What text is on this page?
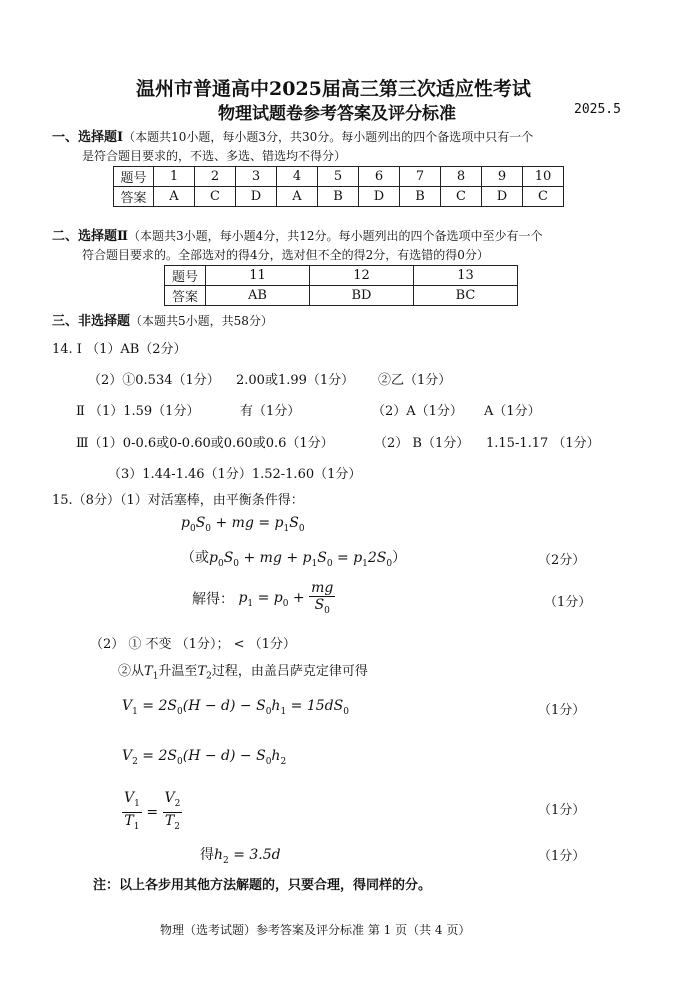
温州市普通高中2025届高三第三次适应性考试
物理试题卷参考答案及评分标准	2025.5
一、选择题Ⅰ（本题共10小题，每小题3分，共30分。每小题列出的四个备选项中只有一个
是符合题目要求的，不选、多选、错选均不得分）
题号	1	2	3	4	5	6	7	8	9	10
答案	A	C	D	A	B	D	B	C	D	C
二、选择题Ⅱ（本题共3小题，每小题4分，共12分。每小题列出的四个备选项中至少有一个
符合题目要求的。全部选对的得4分，选对但不全的得2分，有选错的得0分）
题号	11	12	13
答案	AB	BD	BC
三、非选择题（本题共5小题，共58分）
14. Ⅰ （1）AB（2分）
（2）①0.534（1分） 2.00或1.99（1分） ②乙（1分）
Ⅱ （1）1.59（1分）	有（1分）	（2）A（1分） A（1分）
Ⅲ（1）0-0.6或0-0.60或0.60或0.6（1分）	（2） B（1分） 1.15-1.17 （1分）
（3）1.44-1.46（1分）1.52-1.60（1分）
15.（8分）（1）对活塞棒，由平衡条件得：
$p_0S_0$ + mg = $p_1S_0$
（或$p_0S_0$ + mg + $p_1S_0 = p_12S_0$）	（2分）
解得： $p_1 = p_0 + \frac{mg}{S_0}$	（1分）
（2） ① 不变 （1分）； < （1分）
②从$T_1$升温至$T_2$过程，由盖吕萨克定律可得
$V_1 = 2S_0(H - d) - S_0h_1 = 15dS_0$	（1分）
$V_2 = 2S_0(H - d) - S_0h_2$
$\frac{V_1}{T_1} = \frac{V_2}{T_2}$	（1分）
得$h_2 = 3.5d$	（1分）
注：以上各步用其他方法解题的，只要合理，得同样的分。
物理（选考试题）参考答案及评分标准 第 1 页（共 4 页）
